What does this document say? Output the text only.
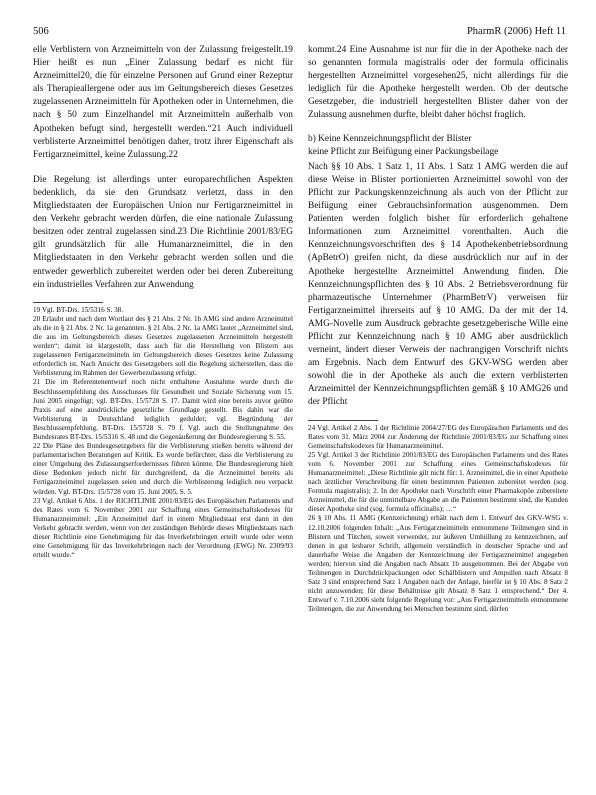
506	PharmR (2006) Heft 11

elle Verblistern von Arzneimitteln von der Zulassung freigestellt.19 Hier heißt es nun „Einer Zulassung bedarf es nicht für Arzneimittel20, die für einzelne Personen auf Grund einer Rezeptur als Therapieallergene oder aus im Geltungsbereich dieses Gesetzes zugelassenen Arzneimitteln für Apotheken oder in Unternehmen, die nach § 50 zum Einzelhandel mit Arzneimitteln außerhalb von Apotheken befugt sind, hergestellt werden.“21 Auch individuell verblisterte Arzneimittel benötigen daher, trotz ihrer Eigenschaft als Fertigarzneimittel, keine Zulassung.22

Die Regelung ist allerdings unter europarechtlichen Aspekten bedenklich, da sie den Grundsatz verletzt, dass in den Mitgliedstaaten der Europäischen Union nur Fertigarzneimittel in den Verkehr gebracht werden dürfen, die eine nationale Zulassung besitzen oder zentral zugelassen sind.23 Die Richtlinie 2001/83/EG gilt grundsätzlich für alle Humanarzneimittel, die in den Mitgliedstaaten in den Verkehr gebracht werden sollen und die entweder gewerblich zubereitet werden oder bei deren Zubereitung ein industrielles Verfahren zur Anwendung

19 Vgl. BT-Drs. 15/5316 S. 38.

20 Erlaubt und nach dem Wortlaut des § 21 Abs. 2 Nr. 1b AMG sind andere Arzneimittel als die in § 21 Abs. 2 Nr. 1a genannten. § 21 Abs. 2 Nr. 1a AMG lautet „Arzneimittel sind, die aus im Geltungsbereich dieses Gesetzes zugelassenen Arzneimitteln hergestellt werden“; damit ist klargestellt, dass auch für die Herstellung von Blistern aus zugelassenen Fertigarzneimitteln im Geltungsbereich dieses Gesetzes keine Zulassung erforderlich ist. Nach Ansicht des Gesetzgebers soll die Regelung sicherstellen, dass die Verblisterung im Rahmen der Gewerbezulassung erfolgt.

21 Die im Referentenentwurf noch nicht enthaltene Ausnahme wurde durch die Beschlussempfehlung des Ausschusses für Gesundheit und Soziale Sicherung vom 15. Juni 2005 eingefügt; vgl. BT-Drs. 15/5728 S. 17. Damit wird eine bereits zuvor geübte Praxis auf eine ausdrückliche gesetzliche Grundlage gestellt. Bis dahin war die Verblisterung in Deutschland lediglich geduldet; vgl. Begründung der Beschlussempfehlung, BT-Drs. 15/5728 S. 79 f. Vgl. auch die Stellungnahme des Bundesrates BT-Drs. 15/5316 S. 48 und die Gegenäußerung der Bundesregierung S. 55.

22 Die Pläne des Bundesgesetzgebers für die Verblisterung stießen bereits während der parlamentarischen Beratungen auf Kritik. Es wurde befürchtet, dass die Verblisterung zu einer Umgehung des Zulassungserfordernisses führen könnte. Die Bundesregierung hielt diese Bedenken jedoch nicht für durchgreifend, da die Arzneimittel bereits als Fertigarzneimittel zugelassen seien und durch die Verblisterung lediglich neu verpackt würden. Vgl. BT-Drs. 15/5728 vom 15. Juni 2005, S. 5.

23 Vgl. Artikel 6 Abs. 1 der RICHTLINIE 2001/83/EG des Europäischen Parlaments und des Rates vom 6. November 2001 zur Schaffung eines Gemeinschaftskodexes für Humanarzneimittel: „Ein Arzneimittel darf in einem Mitgliedstaat erst dann in den Verkehr gebracht werden, wenn von der zuständigen Behörde dieses Mitgliedstaats nach dieser Richtlinie eine Genehmigung für das Inverkehrbringen erteilt wurde oder wenn eine Genehmigung für das Inverkehrbringen nach der Verordnung (EWG) Nr. 2309/93 erteilt wurde.“

kommt.24 Eine Ausnahme ist nur für die in der Apotheke nach der so genannten formula magistralis oder der formula officinalis hergestellten Arzneimittel vorgesehen25, nicht allerdings für die lediglich für die Apotheke hergestellt werden. Ob der deutsche Gesetzgeber, die industriell hergestellten Blister daher von der Zulassung ausnehmen durfte, bleibt daher höchst fraglich.

b) Keine Kennzeichnungspflicht der Blister

keine Pflicht zur Beifügung einer Packungsbeilage

Nach §§ 10 Abs. 1 Satz 1, 11 Abs. 1 Satz 1 AMG werden die auf diese Weise in Blister portionierten Arzneimittel sowohl von der Pflicht zur Packungskennzeichnung als auch von der Pflicht zur Beifügung einer Gebrauchsinformation ausgenommen. Dem Patienten werden folglich bisher für erforderlich gehaltene Informationen zum Arzneimittel vorenthalten. Auch die Kennzeichnungsvorschriften des § 14 Apothekenbetriebsordnung (ApBetrO) greifen nicht, da diese ausdrücklich nur auf in der Apotheke hergestellte Arzneimittel Anwendung finden. Die Kennzeichnungspflichten des § 10 Abs. 2 Betriebsverordnung für pharmazeutische Unternehmer (PharmBetrV) verweisen für Fertigarzneimittel ihrerseits auf § 10 AMG. Da der mit der 14. AMG-Novelle zum Ausdruck gebrachte gesetzgeberische Wille eine Pflicht zur Kennzeichnung nach § 10 AMG aber ausdrücklich verneint, ändert dieser Verweis der nachrangigen Vorschrift nichts am Ergebnis. Nach dem Entwurf des GKV-WSG werden aber sowohl die in der Apotheke als auch die extern verblisterten Arzneimittel der Kennzeichnungspflichten gemäß § 10 AMG26 und der Pflicht

24 Vgl. Artikel 2 Abs. 1 der Richtlinie 2004/27/EG des Europäischen Parlaments und des Rates vom 31. März 2004 zur Änderung der Richtlinie 2001/83/EG zur Schaffung eines Gemeinschaftskodexes für Humanarzneimittel.

25 Vgl. Artikel 3 der Richtlinie 2001/83/EG des Europäischen Parlaments und des Rates vom 6. November 2001 zur Schaffung eines Gemeinschaftskodexes für Humanarzneimittel: „Diese Richtlinie gilt nicht für: 1. Arzneimittel, die in einer Apotheke nach ärztlicher Verschreibung für einen bestimmten Patienten zubereitet werden (sog. Formula magistralis); 2. In der Apotheke nach Vorschrift einer Pharmakopöe zubereitete Arzneimittel, die für die unmittelbare Abgabe an die Patienten bestimmt sind, die Kunden dieser Apotheke sind (sog. formula officinalis); …“

26 § 10 Abs. 11 AMG (Kennzeichnung) erhält nach dem 1. Entwurf des GKV-WSG v. 12.10.2006 folgenden Inhalt: „Aus Fertigarzneimitteln entnommene Teilmengen sind in Blistern und Tütchen, soweit verwendet, zur äußeren Umhüllung zu kennzeichnen, auf denen in gut lesbarer Schrift, allgemein verständlich in deutscher Sprache und auf dauerhafte Weise die Angaben der Kennzeichnung der Fertigarzneimittel angegeben werden; hiervon sind die Angaben nach Absatz 1b ausgenommen. Bei der Abgabe von Teilmengen in Durchdrückpackungen oder Schälblistern und Ampullen nach Absatz 8 Satz 3 sind entsprechend Satz 1 Angaben nach der Anlage, hierfür ist § 10 Abs. 8 Satz 2 nicht anzuwenden; für diese Behältnisse gilt Absatz 8 Satz 1 entsprechend.“ Der 4. Entwurf v. 7.10.2006 sieht folgende Regelung vor: „Aus Fertigarzneimitteln entnommene Teilmengen, die zur Anwendung bei Menschen bestimmt sind, dürfen
